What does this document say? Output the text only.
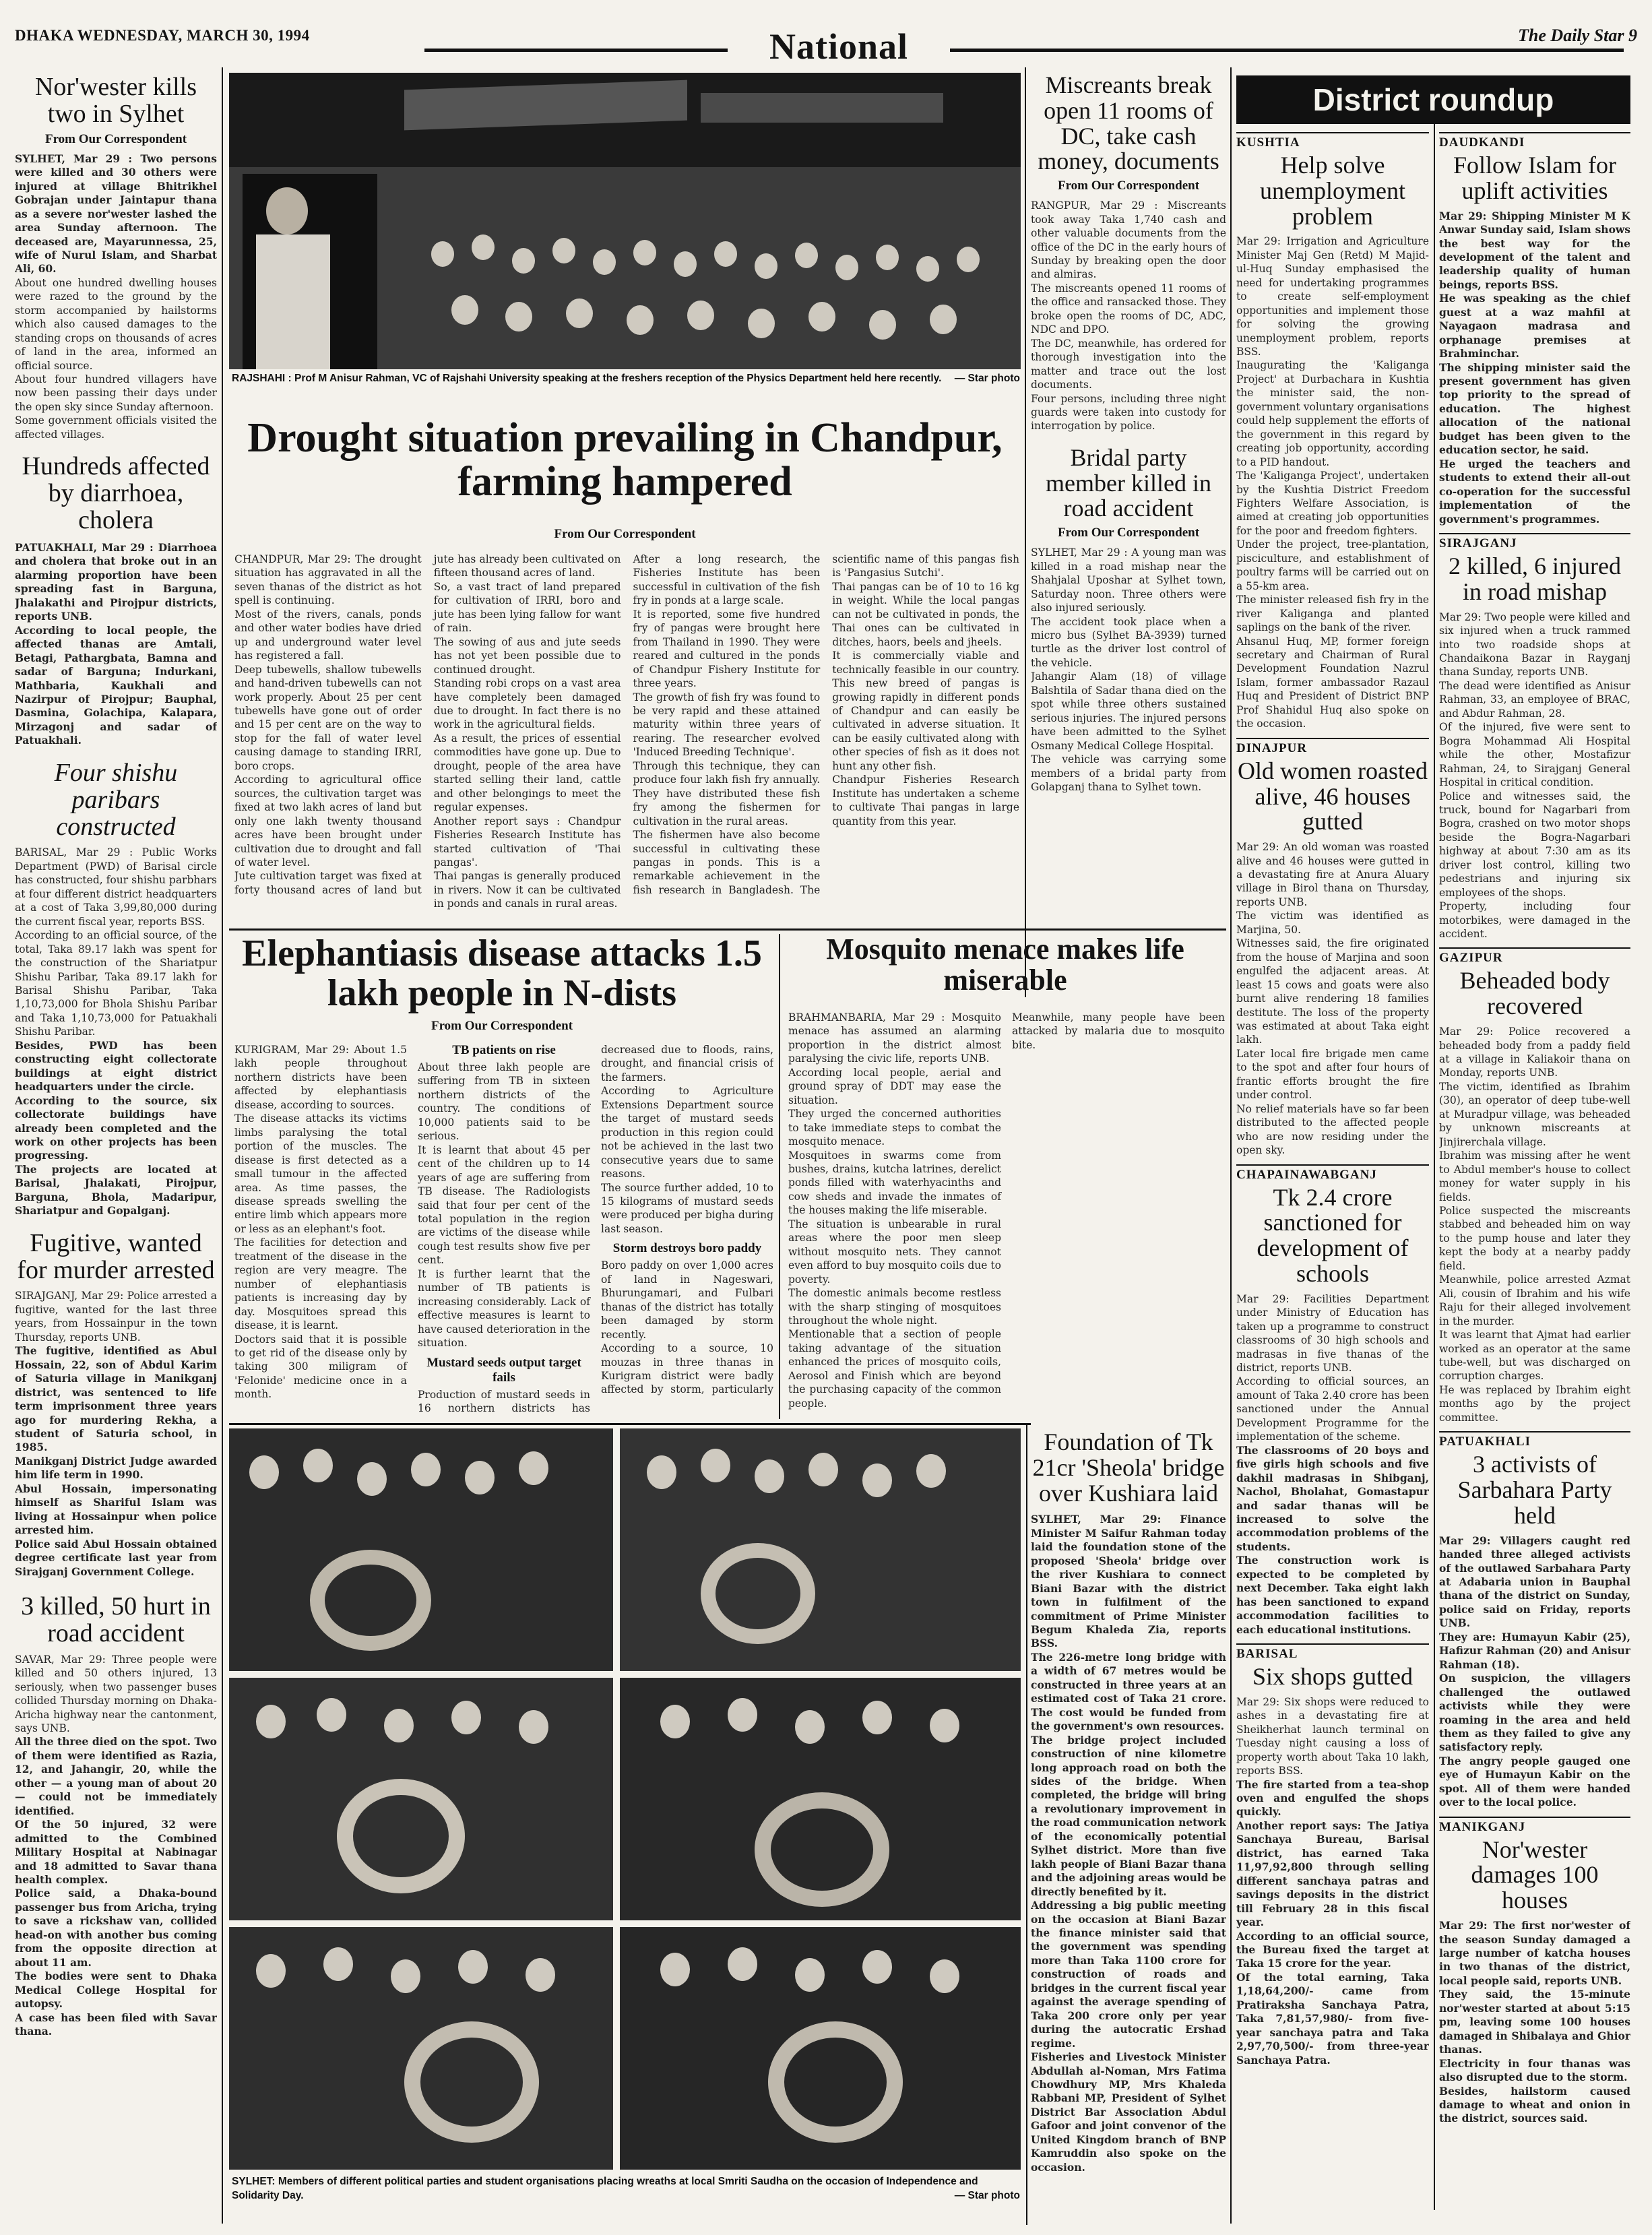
DHAKA WEDNESDAY, MARCH 30, 1994	National	The Daily Star 9
Nor'wester kills two in Sylhet
From Our Correspondent

SYLHET, Mar 29 : Two persons were killed and 30 others were injured at village Bhitrikhel Gobrajan under Jaintapur thana as a severe nor'wester lashed the area Sunday afternoon. The deceased are, Mayarunnessa, 25, wife of Nurul Islam, and Sharbat Ali, 60.

About one hundred dwelling houses were razed to the ground by the storm accompanied by hailstorms which also caused damages to the standing crops on thousands of acres of land in the area, informed an official source.

About four hundred villagers have now been passing their days under the open sky since Sunday afternoon.

Some government officials visited the affected villages.

Hundreds affected by diarrhoea, cholera

PATUAKHALI, Mar 29 : Diarrhoea and cholera that broke out in an alarming proportion have been spreading fast in Barguna, Jhalakathi and Pirojpur districts, reports UNB.

According to local people, the affected thanas are Amtali, Betagi, Pathargbata, Bamna and sadar of Barguna; Indurkani, Mathbaria, Kaukhali and Nazirpur of Pirojpur; Bauphal, Dasmina, Golachipa, Kalapara, Mirzagonj and sadar of Patuakhali.

Four shishu paribars constructed

BARISAL, Mar 29 : Public Works Department (PWD) of Barisal circle has constructed, four shishu parbhars at four different district headquarters at a cost of Taka 3,99,80,000 during the current fiscal year, reports BSS.

According to an official source, of the total, Taka 89.17 lakh was spent for the construction of the Shariatpur Shishu Paribar, Taka 89.17 lakh for Barisal Shishu Paribar, Taka 1,10,73,000 for Bhola Shishu Paribar and Taka 1,10,73,000 for Patuakhali Shishu Paribar.

Besides, PWD has been constructing eight collectorate buildings at eight district headquarters under the circle.

According to the source, six collectorate buildings have already been completed and the work on other projects has been progressing.

The projects are located at Barisal, Jhalakati, Pirojpur, Barguna, Bhola, Madaripur, Shariatpur and Gopalganj.

Fugitive, wanted for murder arrested

SIRAJGANJ, Mar 29: Police arrested a fugitive, wanted for the last three years, from Hossainpur in the town Thursday, reports UNB.

The fugitive, identified as Abul Hossain, 22, son of Abdul Karim of Saturia village in Manikganj district, was sentenced to life term imprisonment three years ago for murdering Rekha, a student of Saturia school, in 1985.

Manikganj District Judge awarded him life term in 1990.

Abul Hossain, impersonating himself as Shariful Islam was living at Hossainpur when police arrested him.

Police said Abul Hossain obtained degree certificate last year from Sirajganj Government College.

3 killed, 50 hurt in road accident

SAVAR, Mar 29: Three people were killed and 50 others injured, 13 seriously, when two passenger buses collided Thursday morning on Dhaka-Aricha highway near the cantonment, says UNB.

All the three died on the spot. Two of them were identified as Razia, 12, and Jahangir, 20, while the other — a young man of about 20 — could not be immediately identified.

Of the 50 injured, 32 were admitted to the Combined Military Hospital at Nabinagar and 18 admitted to Savar thana health complex.

Police said, a Dhaka-bound passenger bus from Aricha, trying to save a rickshaw van, collided head-on with another bus coming from the opposite direction at about 11 am.

The bodies were sent to Dhaka Medical College Hospital for autopsy.

A case has been filed with Savar thana.

RAJSHAHI : Prof M Anisur Rahman, VC of Rajshahi University speaking at the freshers reception of the Physics Department held here recently. — Star photo
Drought situation prevailing in Chandpur, farming hampered
From Our Correspondent

CHANDPUR, Mar 29: The drought situation has aggravated in all the seven thanas of the district as hot spell is continuing.

Most of the rivers, canals, ponds and other water bodies have dried up and underground water level has registered a fall.

Deep tubewells, shallow tubewells and hand-driven tubewells can not work properly. About 25 per cent tubewells have gone out of order and 15 per cent are on the way to stop for the fall of water level causing damage to standing IRRI, boro crops.

According to agricultural office sources, the cultivation target was fixed at two lakh acres of land but only one lakh twenty thousand acres have been brought under cultivation due to drought and fall of water level.

Jute cultivation target was fixed at forty thousand acres of land but jute has already been cultivated on fifteen thousand acres of land.

So, a vast tract of land prepared for cultivation of IRRI, boro and jute has been lying fallow for want of rain.

The sowing of aus and jute seeds has not yet been possible due to continued drought.

Standing robi crops on a vast area have completely been damaged due to drought. In fact there is no work in the agricultural fields.

As a result, the prices of essential commodities have gone up. Due to drought, people of the area have started selling their land, cattle and other belongings to meet the regular expenses.

Another report says : Chandpur Fisheries Research Institute has started cultivation of 'Thai pangas'.

Thai pangas is generally produced in rivers. Now it can be cultivated in ponds and canals in rural areas.

After a long research, the Fisheries Institute has been successful in cultivation of the fish fry in ponds at a large scale.

It is reported, some five hundred fry of pangas were brought here from Thailand in 1990. They were reared and cultured in the ponds of Chandpur Fishery Institute for three years.

The growth of fish fry was found to be very rapid and these attained maturity within three years of rearing. The researcher evolved 'Induced Breeding Technique'.

Through this technique, they can produce four lakh fish fry annually. They have distributed these fish fry among the fishermen for cultivation in the rural areas.

The fishermen have also become successful in cultivating these pangas in ponds. This is a remarkable achievement in the fish research in Bangladesh. The scientific name of this pangas fish is 'Pangasius Sutchi'.

Thai pangas can be of 10 to 16 kg in weight. While the local pangas can not be cultivated in ponds, the Thai ones can be cultivated in ditches, haors, beels and jheels.

It is commercially viable and technically feasible in our country. This new breed of pangas is growing rapidly in different ponds of Chandpur and can easily be cultivated in adverse situation. It can be easily cultivated along with other species of fish as it does not hunt any other fish.

Chandpur Fisheries Research Institute has undertaken a scheme to cultivate Thai pangas in large quantity from this year.

Miscreants break open 11 rooms of DC, take cash money, documents
From Our Correspondent

RANGPUR, Mar 29 : Miscreants took away Taka 1,740 cash and other valuable documents from the office of the DC in the early hours of Sunday by breaking open the door and almiras.

The miscreants opened 11 rooms of the office and ransacked those. They broke open the rooms of DC, ADC, NDC and DPO.

The DC, meanwhile, has ordered for thorough investigation into the matter and trace out the lost documents.

Four persons, including three night guards were taken into custody for interrogation by police.

Bridal party member killed in road accident
From Our Correspondent

SYLHET, Mar 29 : A young man was killed in a road mishap near the Shahjalal Uposhar at Sylhet town, Saturday noon. Three others were also injured seriously.

The accident took place when a micro bus (Sylhet BA-3939) turned turtle as the driver lost control of the vehicle.

Jahangir Alam (18) of village Balshtila of Sadar thana died on the spot while three others sustained serious injuries. The injured persons have been admitted to the Sylhet Osmany Medical College Hospital.

The vehicle was carrying some members of a bridal party from Golapganj thana to Sylhet town.

Elephantiasis disease attacks 1.5 lakh people in N-dists
From Our Correspondent

KURIGRAM, Mar 29: About 1.5 lakh people throughout northern districts have been affected by elephantiasis disease, according to sources.

The disease attacks its victims limbs paralysing the total portion of the muscles. The disease is first detected as a small tumour in the affected area. As time passes, the disease spreads swelling the entire limb which appears more or less as an elephant's foot.

The facilities for detection and treatment of the disease in the region are very meagre. The number of elephantiasis patients is increasing day by day. Mosquitoes spread this disease, it is learnt.

Doctors said that it is possible to get rid of the disease only by taking 300 miligram of 'Felonide' medicine once in a month.

TB patients on rise

About three lakh people are suffering from TB in sixteen northern districts of the country. The conditions of 10,000 patients said to be serious.

It is learnt that about 45 per cent of the children up to 14 years of age are suffering from TB disease. The Radiologists said that four per cent of the total population in the region are victims of the disease while cough test results show five per cent.

It is further learnt that the number of TB patients is increasing considerably. Lack of effective measures is learnt to have caused deterioration in the situation.

Mustard seeds output target fails

Production of mustard seeds in 16 northern districts has decreased due to floods, rains, drought, and financial crisis of the farmers.

According to Agriculture Extensions Department source the target of mustard seeds production in this region could not be achieved in the last two consecutive years due to same reasons.

The source further added, 10 to 15 kilograms of mustard seeds were produced per bigha during last season.

Storm destroys boro paddy

Boro paddy on over 1,000 acres of land in Nageswari, Bhurungamari, and Fulbari thanas of the district has totally been damaged by storm recently.

According to a source, 10 mouzas in three thanas in Kurigram district were badly affected by storm, particularly

Mosquito menace makes life miserable

BRAHMANBARIA, Mar 29 : Mosquito menace has assumed an alarming proportion in the district almost paralysing the civic life, reports UNB.

According local people, aerial and ground spray of DDT may ease the situation.

They urged the concerned authorities to take immediate steps to combat the mosquito menace.

Mosquitoes in swarms come from bushes, drains, kutcha latrines, derelict ponds filled with waterhyacinths and cow sheds and invade the inmates of the houses making the life miserable.

The situation is unbearable in rural areas where the poor men sleep without mosquito nets. They cannot even afford to buy mosquito coils due to poverty.

The domestic animals become restless with the sharp stinging of mosquitoes throughout the whole night.

Mentionable that a section of people taking advantage of the situation enhanced the prices of mosquito coils, Aerosol and Finish which are beyond the purchasing capacity of the common people.

Meanwhile, many people have been attacked by malaria due to mosquito bite.

SYLHET: Members of different political parties and student organisations placing wreaths at local Smriti Saudha on the occasion of Independence and Solidarity Day.	— Star photo
Foundation of Tk 21cr 'Sheola' bridge over Kushiara laid

SYLHET, Mar 29: Finance Minister M Saifur Rahman today laid the foundation stone of the proposed 'Sheola' bridge over the river Kushiara to connect Biani Bazar with the district town in fulfilment of the commitment of Prime Minister Begum Khaleda Zia, reports BSS.

The 226-metre long bridge with a width of 67 metres would be constructed in three years at an estimated cost of Taka 21 crore. The cost would be funded from the government's own resources.

The bridge project included construction of nine kilometre long approach road on both the sides of the bridge. When completed, the bridge will bring a revolutionary improvement in the road communication network of the economically potential Sylhet district. More than five lakh people of Biani Bazar thana and the adjoining areas would be directly benefited by it.

Addressing a big public meeting on the occasion at Biani Bazar the finance minister said that the government was spending more than Taka 1100 crore for construction of roads and bridges in the current fiscal year against the average spending of Taka 200 crore only per year during the autocratic Ershad regime.

Fisheries and Livestock Minister Abdullah al-Noman, Mrs Fatima Chowdhury MP, Mrs Khaleda Rabbani MP, President of Sylhet District Bar Association Abdul Gafoor and joint convenor of the United Kingdom branch of BNP Kamruddin also spoke on the occasion.

District roundup
KUSHTIA
Help solve unemployment problem

Mar 29: Irrigation and Agriculture Minister Maj Gen (Retd) M Majid-ul-Huq Sunday emphasised the need for undertaking programmes to create self-employment opportunities and implement those for solving the growing unemployment problem, reports BSS.

Inaugurating the 'Kaliganga Project' at Durbachara in Kushtia the minister said, the non-government voluntary organisations could help supplement the efforts of the government in this regard by creating job opportunity, according to a PID handout.

The 'Kaliganga Project', undertaken by the Kushtia District Freedom Fighters Welfare Association, is aimed at creating job opportunities for the poor and freedom fighters.

Under the project, tree-plantation, pisciculture, and establishment of poultry farms will be carried out on a 55-km area.

The minister released fish fry in the river Kaliganga and planted saplings on the bank of the river.

Ahsanul Huq, MP, former foreign secretary and Chairman of Rural Development Foundation Nazrul Islam, former ambassador Razaul Huq and President of District BNP Prof Shahidul Huq also spoke on the occasion.

DINAJPUR
Old women roasted alive, 46 houses gutted

Mar 29: An old woman was roasted alive and 46 houses were gutted in a devastating fire at Anura Aluary village in Birol thana on Thursday, reports UNB.

The victim was identified as Marjina, 50.

Witnesses said, the fire originated from the house of Marjina and soon engulfed the adjacent areas. At least 15 cows and goats were also burnt alive rendering 18 families destitute. The loss of the property was estimated at about Taka eight lakh.

Later local fire brigade men came to the spot and after four hours of frantic efforts brought the fire under control.

No relief materials have so far been distributed to the affected people who are now residing under the open sky.

CHAPAINAWABGANJ
Tk 2.4 crore sanctioned for development of schools

Mar 29: Facilities Department under Ministry of Education has taken up a programme to construct classrooms of 30 high schools and madrasas in five thanas of the district, reports UNB.

According to official sources, an amount of Taka 2.40 crore has been sanctioned under the Annual Development Programme for the implementation of the scheme.

The classrooms of 20 boys and five girls high schools and five dakhil madrasas in Shibganj, Nachol, Bholahat, Gomastapur and sadar thanas will be increased to solve the accommodation problems of the students.

The construction work is expected to be completed by next December. Taka eight lakh has been sanctioned to expand accommodation facilities to each educational institutions.

BARISAL
Six shops gutted

Mar 29: Six shops were reduced to ashes in a devastating fire at Sheikherhat launch terminal on Tuesday night causing a loss of property worth about Taka 10 lakh, reports BSS.

The fire started from a tea-shop oven and engulfed the shops quickly.

Another report says: The Jatiya Sanchaya Bureau, Barisal district, has earned Taka 11,97,92,800 through selling different sanchaya patras and savings deposits in the district till February 28 in this fiscal year.

According to an official source, the Bureau fixed the target at Taka 15 crore for the year.

Of the total earning, Taka 1,18,64,200/- came from Pratiraksha Sanchaya Patra, Taka 7,81,57,980/- from five-year sanchaya patra and Taka 2,97,70,500/- from three-year Sanchaya Patra.

DAUDKANDI
Follow Islam for uplift activities

Mar 29: Shipping Minister M K Anwar Sunday said, Islam shows the best way for the development of the talent and leadership quality of human beings, reports BSS.

He was speaking as the chief guest at a waz mahfil at Nayagaon madrasa and orphanage premises at Brahminchar.

The shipping minister said the present government has given top priority to the spread of education. The highest allocation of the national budget has been given to the education sector, he said.

He urged the teachers and students to extend their all-out co-operation for the successful implementation of the government's programmes.

SIRAJGANJ
2 killed, 6 injured in road mishap

Mar 29: Two people were killed and six injured when a truck rammed into two roadside shops at Chandaikona Bazar in Rayganj thana Sunday, reports UNB.

The dead were identified as Anisur Rahman, 33, an employee of BRAC, and Abdur Rahman, 28.

Of the injured, five were sent to Bogra Mohammad Ali Hospital while the other, Mostafizur Rahman, 24, to Sirajganj General Hospital in critical condition.

Police and witnesses said, the truck, bound for Nagarbari from Bogra, crashed on two motor shops beside the Bogra-Nagarbari highway at about 7:30 am as its driver lost control, killing two pedestrians and injuring six employees of the shops.

Property, including four motorbikes, were damaged in the accident.

GAZIPUR
Beheaded body recovered

Mar 29: Police recovered a beheaded body from a paddy field at a village in Kaliakoir thana on Monday, reports UNB.

The victim, identified as Ibrahim (30), an operator of deep tube-well at Muradpur village, was beheaded by unknown miscreants at Jinjirerchala village.

Ibrahim was missing after he went to Abdul member's house to collect money for water supply in his fields.

Police suspected the miscreants stabbed and beheaded him on way to the pump house and later they kept the body at a nearby paddy field.

Meanwhile, police arrested Azmat Ali, cousin of Ibrahim and his wife Raju for their alleged involvement in the murder.

It was learnt that Ajmat had earlier worked as an operator at the same tube-well, but was discharged on corruption charges.

He was replaced by Ibrahim eight months ago by the project committee.

PATUAKHALI
3 activists of Sarbahara Party held

Mar 29: Villagers caught red handed three alleged activists of the outlawed Sarbahara Party at Adabaria union in Bauphal thana of the district on Sunday, police said on Friday, reports UNB.

They are: Humayun Kabir (25), Hafizur Rahman (20) and Anisur Rahman (18).

On suspicion, the villagers challenged the outlawed activists while they were roaming in the area and held them as they failed to give any satisfactory reply.

The angry people gauged one eye of Humayun Kabir on the spot. All of them were handed over to the local police.

MANIKGANJ
Nor'wester damages 100 houses

Mar 29: The first nor'wester of the season Sunday damaged a large number of katcha houses in two thanas of the district, local people said, reports UNB.

They said, the 15-minute nor'wester started at about 5:15 pm, leaving some 100 houses damaged in Shibalaya and Ghior thanas.

Electricity in four thanas was also disrupted due to the storm.

Besides, hailstorm caused damage to wheat and onion in the district, sources said.
